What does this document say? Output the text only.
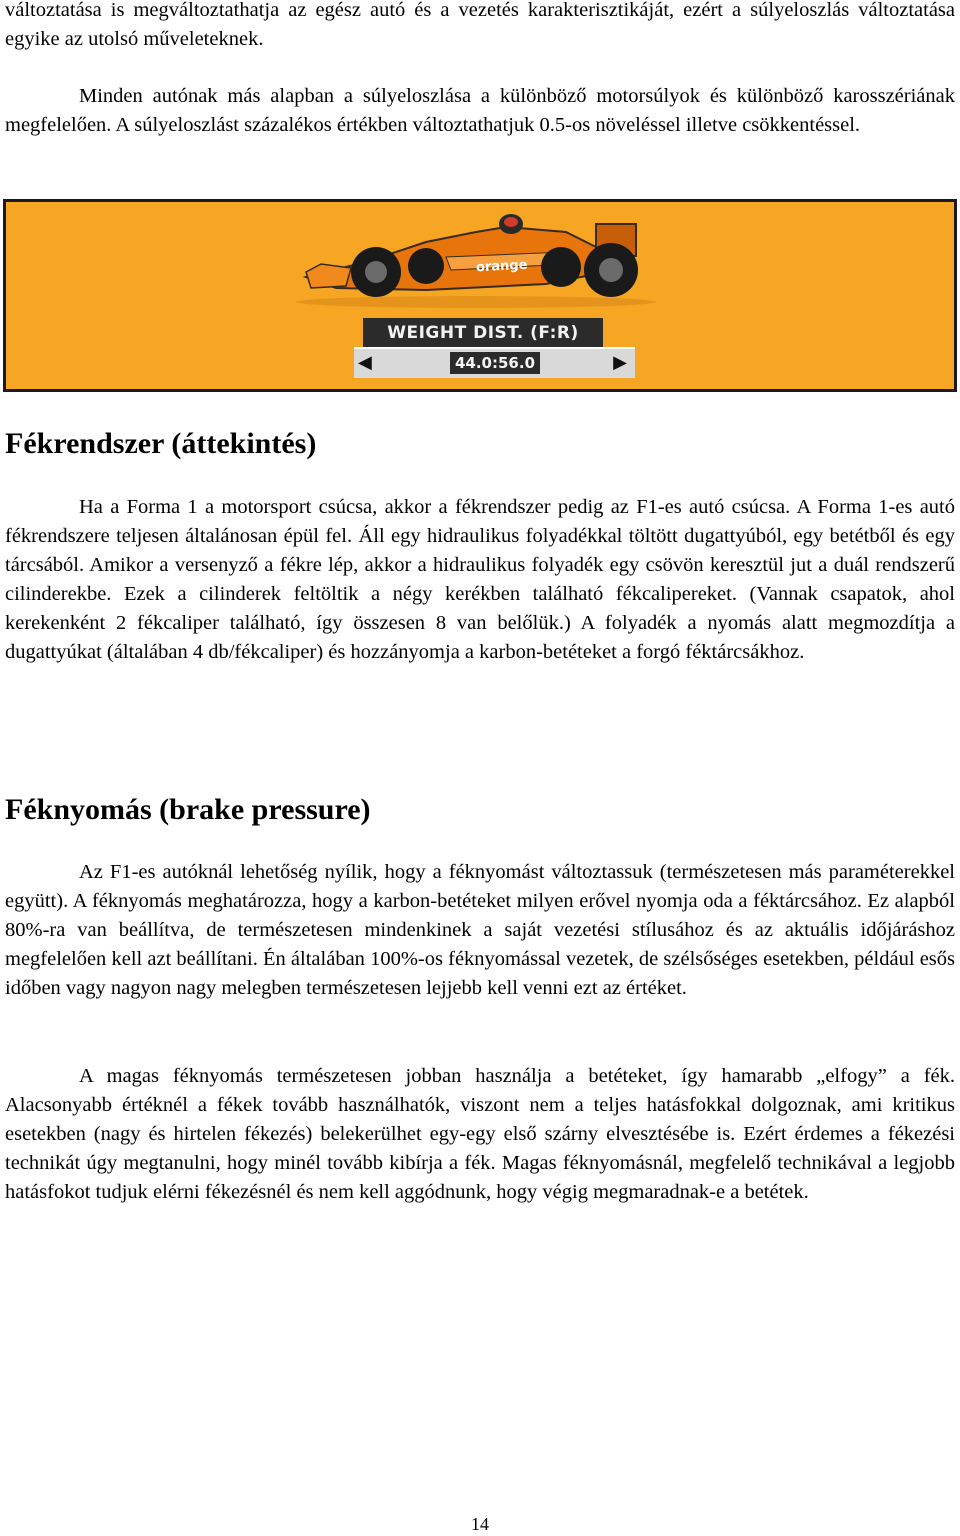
változtatása is megváltoztathatja az egész autó és a vezetés karakterisztikáját, ezért a súlyeloszlás változtatása egyike az utolsó műveleteknek.

Minden autónak más alapban a súlyeloszlása a különböző motorsúlyok és különböző karosszériának megfelelően. A súlyeloszlást százalékos értékben változtathatjuk 0.5-os növeléssel illetve csökkentéssel.

Fékrendszer (áttekintés)

Ha a Forma 1 a motorsport csúcsa, akkor a fékrendszer pedig az F1-es autó csúcsa. A Forma 1-es autó fékrendszere teljesen általánosan épül fel. Áll egy hidraulikus folyadékkal töltött dugattyúból, egy betétből és egy tárcsából. Amikor a versenyző a fékre lép, akkor a hidraulikus folyadék egy csövön keresztül jut a duál rendszerű cilinderekbe. Ezek a cilinderek feltöltik a négy kerékben található fékcalipereket. (Vannak csapatok, ahol kerekenként 2 fékcaliper található, így összesen 8 van belőlük.) A folyadék a nyomás alatt megmozdítja a dugattyúkat (általában 4 db/fékcaliper) és hozzányomja a karbon-betéteket a forgó féktárcsákhoz.

Féknyomás (brake pressure)

Az F1-es autóknál lehetőség nyílik, hogy a féknyomást változtassuk (természetesen más paraméterekkel együtt). A féknyomás meghatározza, hogy a karbon-betéteket milyen erővel nyomja oda a féktárcsához. Ez alapból 80%-ra van beállítva, de természetesen mindenkinek a saját vezetési stílusához és az aktuális időjáráshoz megfelelően kell azt beállítani. Én általában 100%-os féknyomással vezetek, de szélsőséges esetekben, például esős időben vagy nagyon nagy melegben természetesen lejjebb kell venni ezt az értéket.

A magas féknyomás természetesen jobban használja a betéteket, így hamarabb „elfogy” a fék. Alacsonyabb értéknél a fékek tovább használhatók, viszont nem a teljes hatásfokkal dolgoznak, ami kritikus esetekben (nagy és hirtelen fékezés) belekerülhet egy-egy első szárny elvesztésébe is. Ezért érdemes a fékezési technikát úgy megtanulni, hogy minél tovább kibírja a fék. Magas féknyomásnál, megfelelő technikával a legjobb hatásfokot tudjuk elérni fékezésnél és nem kell aggódnunk, hogy végig megmaradnak-e a betétek.

orange
WEIGHT DIST. (F:R)
◀	44.0:56.0	▶
14
